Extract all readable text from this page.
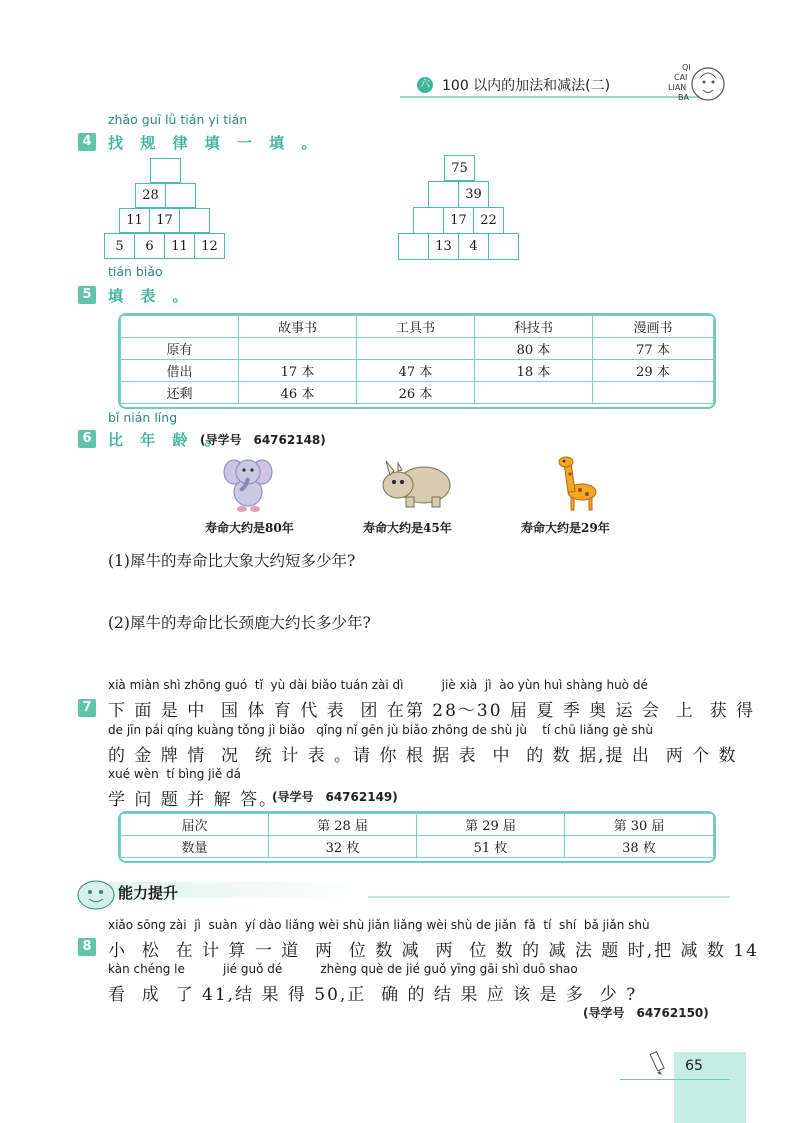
六 100 以内的加法和减法(二)
QI
CAI
LIAN
BA
zhǎo guī lǜ tián yi tián
4 找 规 律 填 一 填 。
28
11	17
5	6	11	12
75
39
17	22
13	4
tián biǎo
5 填 表 。
	故事书	工具书	科技书	漫画书
原有			80 本	77 本
借出	17 本	47 本	18 本	29 本
还剩	46 本	26 本		
bǐ nián líng
6 比 年 龄 。
(导学号　64762148)
寿命大约是80年	寿命大约是45年	寿命大约是29年
(1)犀牛的寿命比大象大约短多少年?
(2)犀牛的寿命比长颈鹿大约长多少年?
xià miàn shì zhōng guó  tǐ  yù dài biǎo tuán zài dì          jiè xià  jì  ào yùn huì shàng huò dé
7 下 面 是 中  国 体 育 代 表  团 在第 28～30 届 夏 季 奥 运 会  上  获 得
de jīn pái qíng kuàng tǒng jì biǎo   qǐng nǐ gēn jù biǎo zhōng de shù jù    tí chū liǎng gè shù
的 金 牌 情  况  统 计 表 。请 你 根 据 表  中  的 数 据,提 出  两 个 数
xué wèn  tí bìng jiě dá
学 问 题 并 解 答。
(导学号　64762149)
届次	第 28 届	第 29 届	第 30 届
数量	32 枚	51 枚	38 枚
能力提升
xiǎo sōng zài  jì  suàn  yí dào liǎng wèi shù jiǎn liǎng wèi shù de jiǎn  fǎ  tí  shí  bǎ jiǎn shù
8 小  松  在 计 算 一 道  两  位 数 减  两  位 数 的 减 法 题 时,把 减 数 14
kàn chéng le          jié guǒ dé          zhèng què de jié guǒ yīng gāi shì duō shao
看  成  了 41,结 果 得 50,正  确 的 结 果 应 该 是 多  少 ?
(导学号　64762150)
65
